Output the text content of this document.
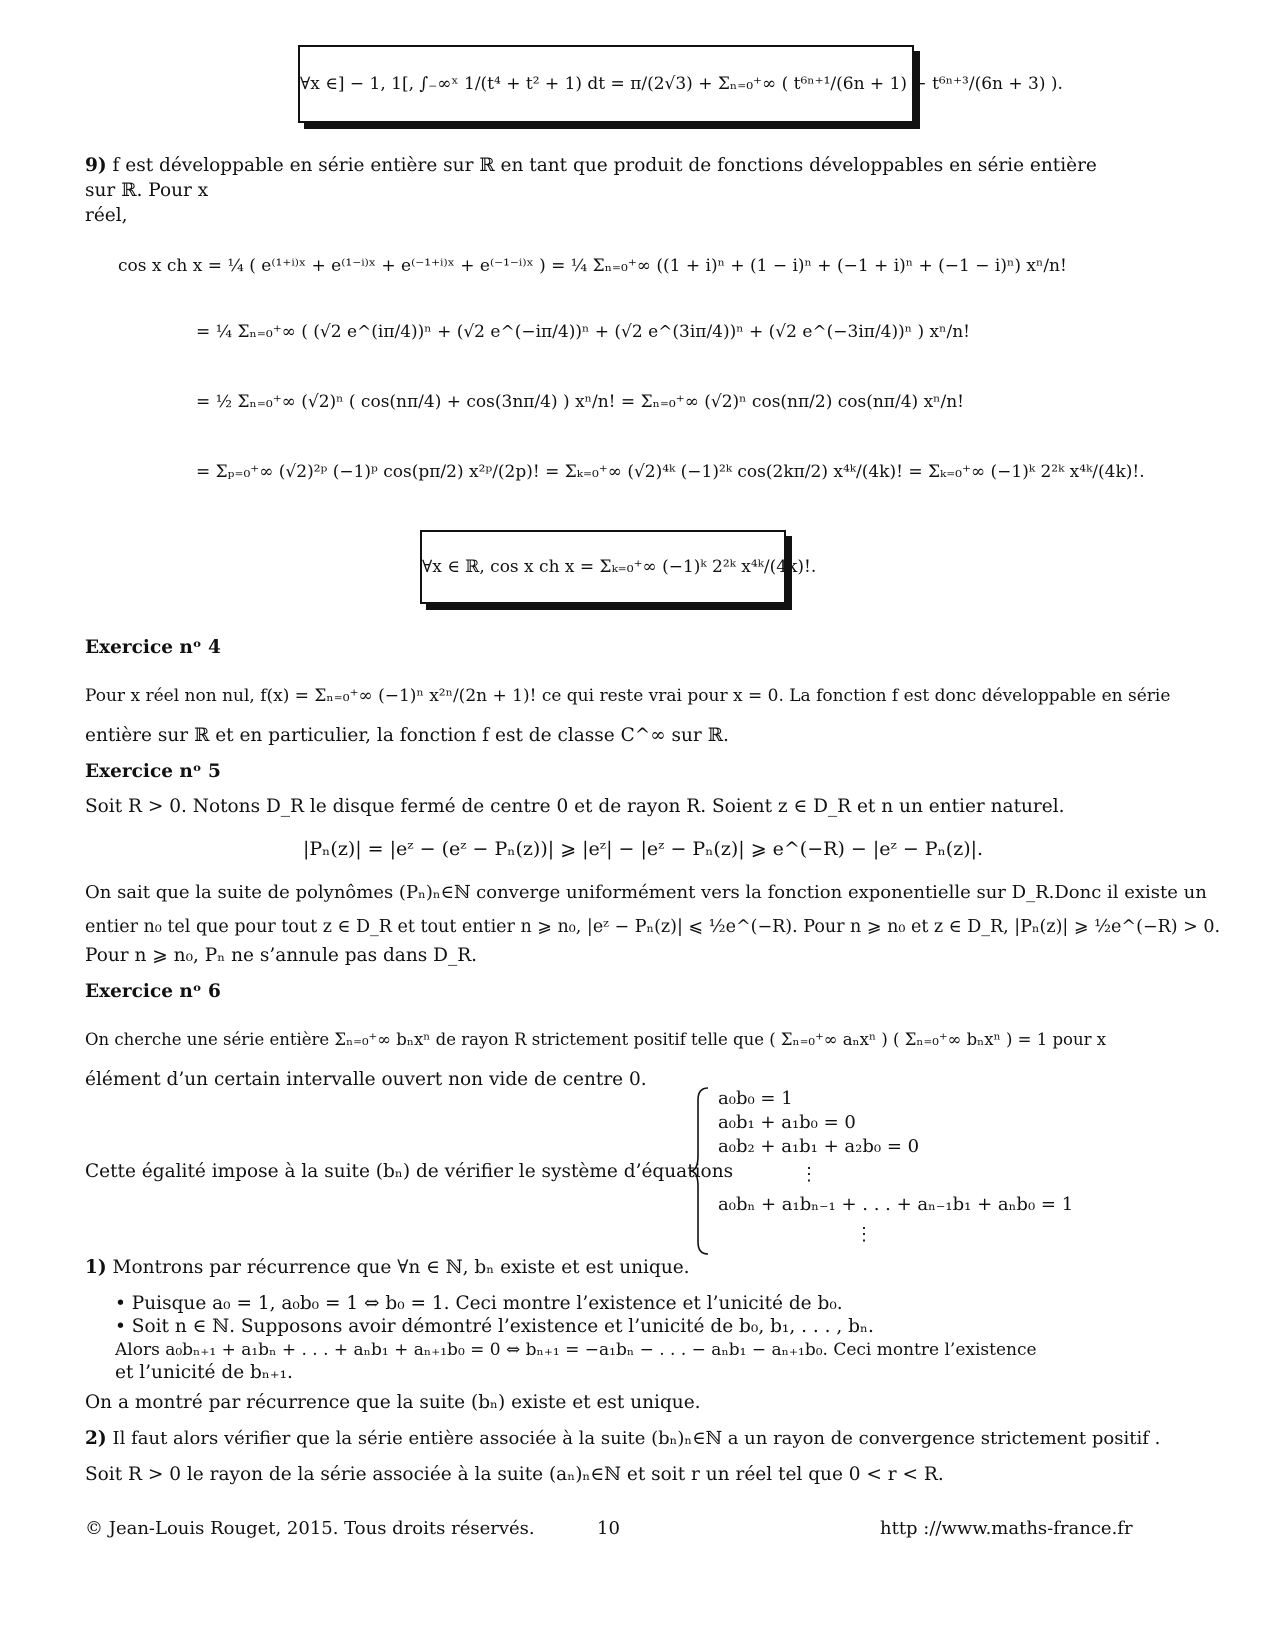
∀x ∈] − 1, 1[, ∫₋∞ˣ 1/(t⁴ + t² + 1) dt = π/(2√3) + Σₙ₌₀⁺∞ ( t⁶ⁿ⁺¹/(6n + 1) − t⁶ⁿ⁺³/(6n + 3) ).
9) f est développable en série entière sur ℝ en tant que produit de fonctions développables en série entière sur ℝ. Pour x
réel,
cos x ch x = ¼ ( e⁽¹⁺ⁱ⁾ˣ + e⁽¹⁻ⁱ⁾ˣ + e⁽⁻¹⁺ⁱ⁾ˣ + e⁽⁻¹⁻ⁱ⁾ˣ ) = ¼ Σₙ₌₀⁺∞ ((1 + i)ⁿ + (1 − i)ⁿ + (−1 + i)ⁿ + (−1 − i)ⁿ) xⁿ/n!
= ¼ Σₙ₌₀⁺∞ ( (√2 e^(iπ/4))ⁿ + (√2 e^(−iπ/4))ⁿ + (√2 e^(3iπ/4))ⁿ + (√2 e^(−3iπ/4))ⁿ ) xⁿ/n!
= ½ Σₙ₌₀⁺∞ (√2)ⁿ ( cos(nπ/4) + cos(3nπ/4) ) xⁿ/n! = Σₙ₌₀⁺∞ (√2)ⁿ cos(nπ/2) cos(nπ/4) xⁿ/n!
= Σₚ₌₀⁺∞ (√2)²ᵖ (−1)ᵖ cos(pπ/2) x²ᵖ/(2p)! = Σₖ₌₀⁺∞ (√2)⁴ᵏ (−1)²ᵏ cos(2kπ/2) x⁴ᵏ/(4k)! = Σₖ₌₀⁺∞ (−1)ᵏ 2²ᵏ x⁴ᵏ/(4k)!.
∀x ∈ ℝ, cos x ch x = Σₖ₌₀⁺∞ (−1)ᵏ 2²ᵏ x⁴ᵏ/(4k)!.
Exercice nᵒ 4
Pour x réel non nul, f(x) = Σₙ₌₀⁺∞ (−1)ⁿ x²ⁿ/(2n + 1)! ce qui reste vrai pour x = 0. La fonction f est donc développable en série
entière sur ℝ et en particulier, la fonction f est de classe C^∞ sur ℝ.
Exercice nᵒ 5
Soit R > 0. Notons D_R le disque fermé de centre 0 et de rayon R. Soient z ∈ D_R et n un entier naturel.
|Pₙ(z)| = |eᶻ − (eᶻ − Pₙ(z))| ⩾ |eᶻ| − |eᶻ − Pₙ(z)| ⩾ e^(−R) − |eᶻ − Pₙ(z)|.
On sait que la suite de polynômes (Pₙ)ₙ∈ℕ converge uniformément vers la fonction exponentielle sur D_R.Donc il existe un
entier n₀ tel que pour tout z ∈ D_R et tout entier n ⩾ n₀, |eᶻ − Pₙ(z)| ⩽ ½e^(−R). Pour n ⩾ n₀ et z ∈ D_R, |Pₙ(z)| ⩾ ½e^(−R) > 0.
Pour n ⩾ n₀, Pₙ ne s’annule pas dans D_R.
Exercice nᵒ 6
On cherche une série entière Σₙ₌₀⁺∞ bₙxⁿ de rayon R strictement positif telle que ( Σₙ₌₀⁺∞ aₙxⁿ ) ( Σₙ₌₀⁺∞ bₙxⁿ ) = 1 pour x
élément d’un certain intervalle ouvert non vide de centre 0.
Cette égalité impose à la suite (bₙ) de vérifier le système d’équations
a₀b₀ = 1
a₀b₁ + a₁b₀ = 0
a₀b₂ + a₁b₁ + a₂b₀ = 0
⋮
a₀bₙ + a₁bₙ₋₁ + . . . + aₙ₋₁b₁ + aₙb₀ = 1
⋮
1) Montrons par récurrence que ∀n ∈ ℕ, bₙ existe et est unique.
• Puisque a₀ = 1, a₀b₀ = 1 ⇔ b₀ = 1. Ceci montre l’existence et l’unicité de b₀.
• Soit n ∈ ℕ. Supposons avoir démontré l’existence et l’unicité de b₀, b₁, . . . , bₙ.
Alors a₀bₙ₊₁ + a₁bₙ + . . . + aₙb₁ + aₙ₊₁b₀ = 0 ⇔ bₙ₊₁ = −a₁bₙ − . . . − aₙb₁ − aₙ₊₁b₀. Ceci montre l’existence
et l’unicité de bₙ₊₁.
On a montré par récurrence que la suite (bₙ) existe et est unique.
2) Il faut alors vérifier que la série entière associée à la suite (bₙ)ₙ∈ℕ a un rayon de convergence strictement positif .
Soit R > 0 le rayon de la série associée à la suite (aₙ)ₙ∈ℕ et soit r un réel tel que 0 < r < R.
© Jean-Louis Rouget, 2015. Tous droits réservés.	10	http ://www.maths-france.fr
